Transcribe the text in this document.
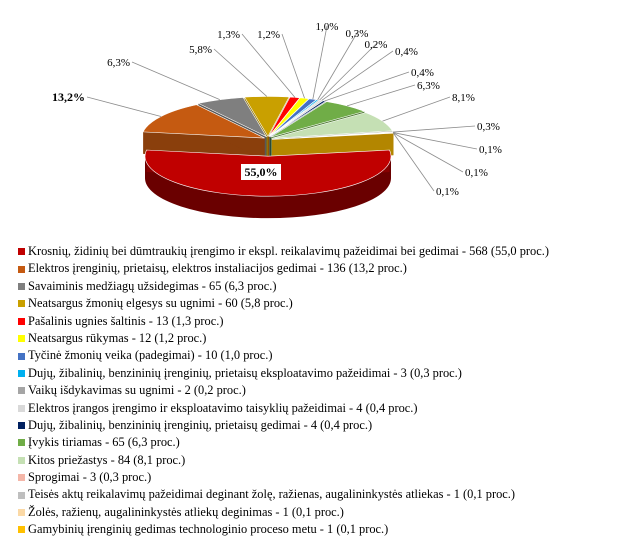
55,0%
13,2%
6,3%
5,8%
1,3% 1,2%
1,0%
0,3%
0,2%
0,4%
0,4%
6,3%
8,1%
0,3%
0,1%
0,1%
0,1%
Krosnių, židinių bei dūmtraukių įrengimo ir ekspl. reikalavimų pažeidimai bei gedimai - 568 (55,0 proc.)
Elektros įrenginių, prietaisų, elektros instaliacijos gedimai - 136 (13,2 proc.)
Savaiminis medžiagų užsidegimas - 65 (6,3 proc.)
Neatsargus žmonių elgesys su ugnimi - 60 (5,8 proc.)
Pašalinis ugnies šaltinis - 13 (1,3 proc.)
Neatsargus rūkymas - 12 (1,2 proc.)
Tyčinė žmonių veika (padegimai) - 10 (1,0 proc.)
Dujų, žibalinių, benzininių įrenginių, prietaisų eksploatavimo pažeidimai - 3 (0,3 proc.)
Vaikų išdykavimas su ugnimi - 2 (0,2 proc.)
Elektros įrangos įrengimo ir eksploatavimo taisyklių pažeidimai - 4 (0,4 proc.)
Dujų, žibalinių, benzininių įrenginių, prietaisų gedimai - 4 (0,4 proc.)
Įvykis tiriamas - 65 (6,3 proc.)
Kitos priežastys - 84 (8,1 proc.)
Sprogimai - 3 (0,3 proc.)
Teisės aktų reikalavimų pažeidimai deginant žolę, ražienas, augalininkystės atliekas - 1 (0,1 proc.)
Žolės, ražienų, augalininkystės atliekų deginimas - 1 (0,1 proc.)
Gamybinių įrenginių gedimas technologinio proceso metu - 1 (0,1 proc.)
